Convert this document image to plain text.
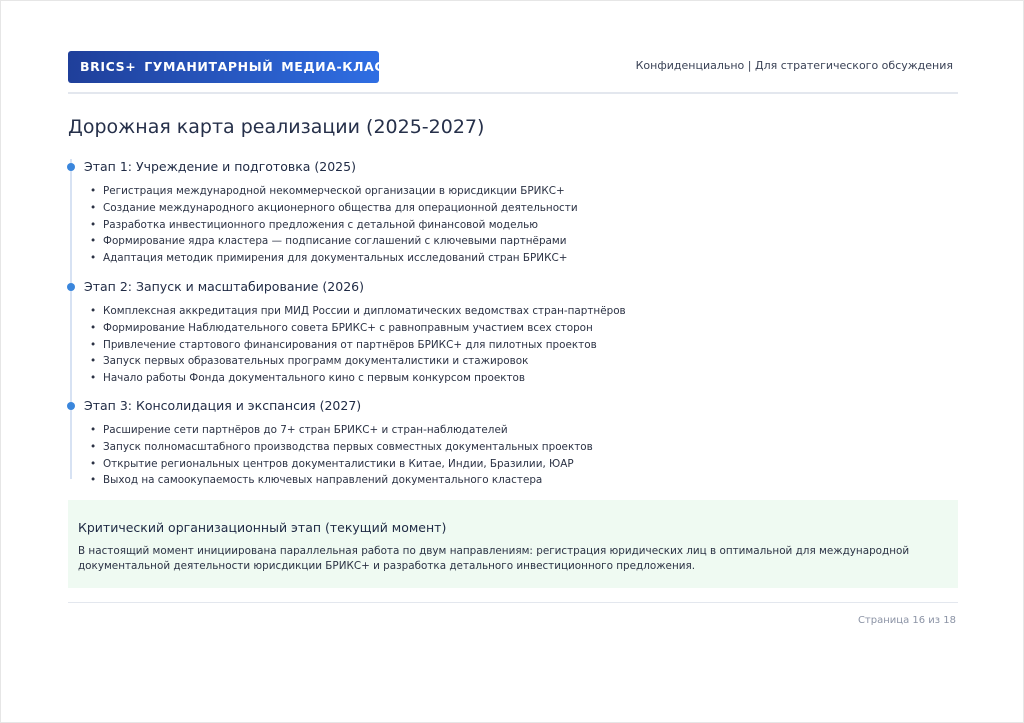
BRICS+ ГУМАНИТАРНЫЙ МЕДИА-КЛАСТЕР	Конфиденциально | Для стратегического обсуждения
Дорожная карта реализации (2025-2027)
Этап 1: Учреждение и подготовка (2025)
• Регистрация международной некоммерческой организации в юрисдикции БРИКС+
• Создание международного акционерного общества для операционной деятельности
• Разработка инвестиционного предложения с детальной финансовой моделью
• Формирование ядра кластера — подписание соглашений с ключевыми партнёрами
• Адаптация методик примирения для документальных исследований стран БРИКС+
Этап 2: Запуск и масштабирование (2026)
• Комплексная аккредитация при МИД России и дипломатических ведомствах стран-партнёров
• Формирование Наблюдательного совета БРИКС+ с равноправным участием всех сторон
• Привлечение стартового финансирования от партнёров БРИКС+ для пилотных проектов
• Запуск первых образовательных программ документалистики и стажировок
• Начало работы Фонда документального кино с первым конкурсом проектов
Этап 3: Консолидация и экспансия (2027)
• Расширение сети партнёров до 7+ стран БРИКС+ и стран-наблюдателей
• Запуск полномасштабного производства первых совместных документальных проектов
• Открытие региональных центров документалистики в Китае, Индии, Бразилии, ЮАР
• Выход на самоокупаемость ключевых направлений документального кластера
Критический организационный этап (текущий момент)
В настоящий момент инициирована параллельная работа по двум направлениям: регистрация юридических лиц в оптимальной для международной документальной деятельности юрисдикции БРИКС+ и разработка детального инвестиционного предложения.
Страница 16 из 18
